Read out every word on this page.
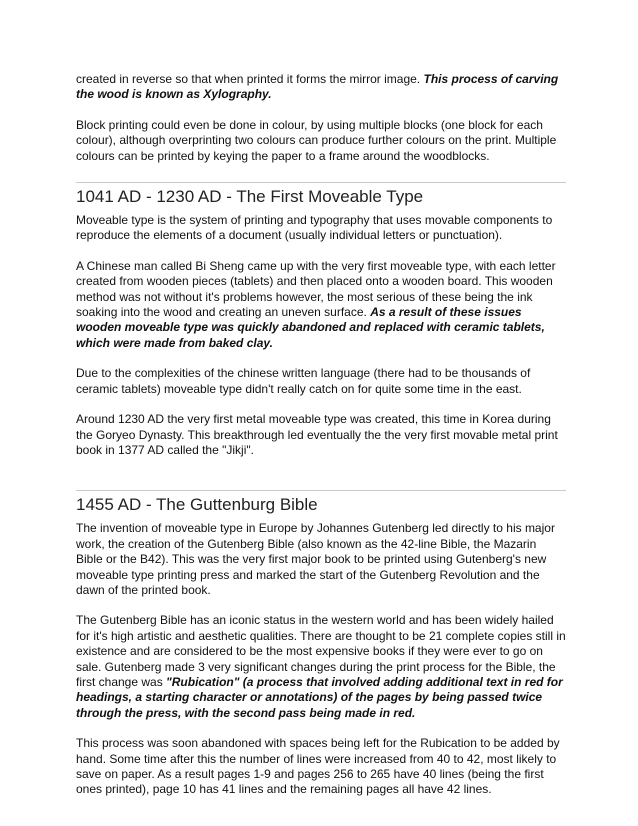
created in reverse so that when printed it forms the mirror image. This process of carving the wood is known as Xylography.

Block printing could even be done in colour, by using multiple blocks (one block for each colour), although overprinting two colours can produce further colours on the print. Multiple colours can be printed by keying the paper to a frame around the woodblocks.

1041 AD - 1230 AD - The First Moveable Type

Moveable type is the system of printing and typography that uses movable components to reproduce the elements of a document (usually individual letters or punctuation).

A Chinese man called Bi Sheng came up with the very first moveable type, with each letter created from wooden pieces (tablets) and then placed onto a wooden board. This wooden method was not without it's problems however, the most serious of these being the ink soaking into the wood and creating an uneven surface. As a result of these issues wooden moveable type was quickly abandoned and replaced with ceramic tablets, which were made from baked clay.

Due to the complexities of the chinese written language (there had to be thousands of ceramic tablets) moveable type didn't really catch on for quite some time in the east.

Around 1230 AD the very first metal moveable type was created, this time in Korea during the Goryeo Dynasty. This breakthrough led eventually the the very first movable metal print book in 1377 AD called the "Jikji".

1455 AD - The Guttenburg Bible

The invention of moveable type in Europe by Johannes Gutenberg led directly to his major work, the creation of the Gutenberg Bible (also known as the 42-line Bible, the Mazarin Bible or the B42). This was the very first major book to be printed using Gutenberg's new moveable type printing press and marked the start of the Gutenberg Revolution and the dawn of the printed book.

The Gutenberg Bible has an iconic status in the western world and has been widely hailed for it's high artistic and aesthetic qualities. There are thought to be 21 complete copies still in existence and are considered to be the most expensive books if they were ever to go on sale. Gutenberg made 3 very significant changes during the print process for the Bible, the first change was "Rubication" (a process that involved adding additional text in red for headings, a starting character or annotations) of the pages by being passed twice through the press, with the second pass being made in red.

This process was soon abandoned with spaces being left for the Rubication to be added by hand. Some time after this the number of lines were increased from 40 to 42, most likely to save on paper. As a result pages 1-9 and pages 256 to 265 have 40 lines (being the first ones printed), page 10 has 41 lines and the remaining pages all have 42 lines.
